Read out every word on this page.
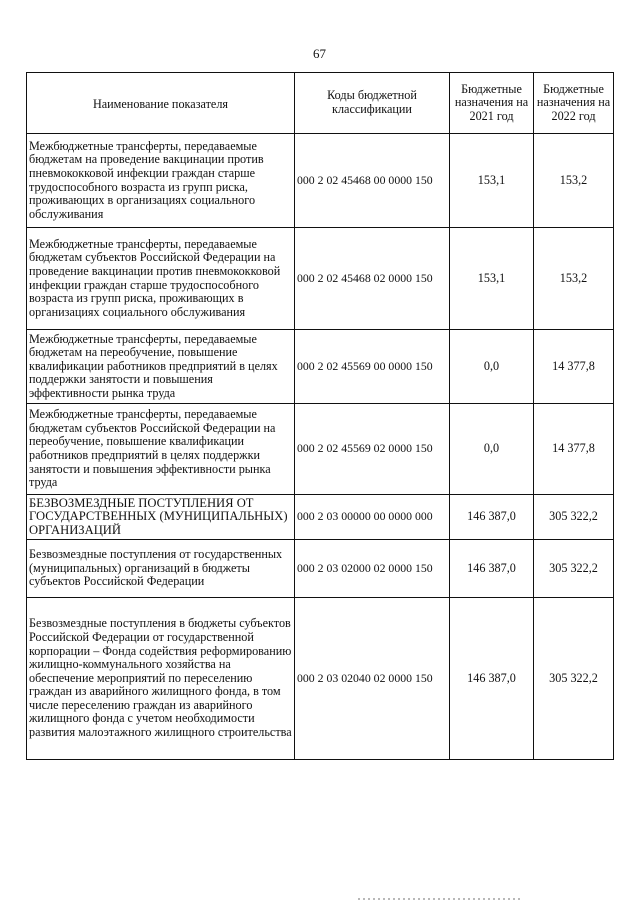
67
Наименование показателя	Коды бюджетной классификации	Бюджетные назначения на 2021 год	Бюджетные назначения на 2022 год
Межбюджетные трансферты, передаваемые бюджетам на проведение вакцинации против пневмококковой инфекции граждан старше трудоспособного возраста из групп риска, проживающих в организациях социального обслуживания	000 2 02 45468 00 0000 150	153,1	153,2
Межбюджетные трансферты, передаваемые бюджетам субъектов Российской Федерации на проведение вакцинации против пневмококковой инфекции граждан старше трудоспособного возраста из групп риска, проживающих в организациях социального обслуживания	000 2 02 45468 02 0000 150	153,1	153,2
Межбюджетные трансферты, передаваемые бюджетам на переобучение, повышение квалификации работников предприятий в целях поддержки занятости и повышения эффективности рынка труда	000 2 02 45569 00 0000 150	0,0	14 377,8
Межбюджетные трансферты, передаваемые бюджетам субъектов Российской Федерации на переобучение, повышение квалификации работников предприятий в целях поддержки занятости и повышения эффективности рынка труда	000 2 02 45569 02 0000 150	0,0	14 377,8
БЕЗВОЗМЕЗДНЫЕ ПОСТУПЛЕНИЯ ОТ ГОСУДАРСТВЕННЫХ (МУНИЦИПАЛЬНЫХ) ОРГАНИЗАЦИЙ	000 2 03 00000 00 0000 000	146 387,0	305 322,2
Безвозмездные поступления от государственных (муниципальных) организаций в бюджеты субъектов Российской Федерации	000 2 03 02000 02 0000 150	146 387,0	305 322,2
Безвозмездные поступления в бюджеты субъектов Российской Федерации от государственной корпорации – Фонда содействия реформированию жилищно-коммунального хозяйства на обеспечение мероприятий по переселению граждан из аварийного жилищного фонда, в том числе переселению граждан из аварийного жилищного фонда с учетом необходимости развития малоэтажного жилищного строительства	000 2 03 02040 02 0000 150	146 387,0	305 322,2
